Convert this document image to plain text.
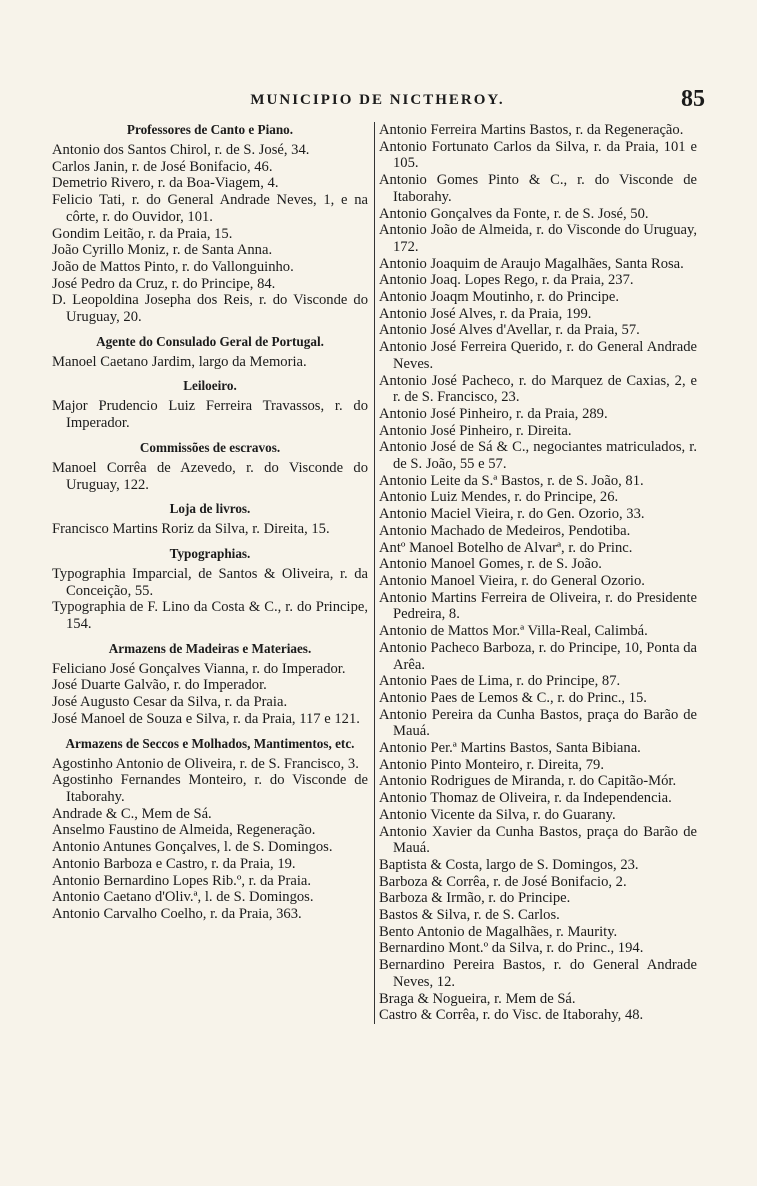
MUNICIPIO DE NICTHEROY.	85
Professores de Canto e Piano.
Antonio dos Santos Chirol, r. de S. José, 34.
Carlos Janin, r. de José Bonifacio, 46.
Demetrio Rivero, r. da Boa-Viagem, 4.
Felicio Tati, r. do General Andrade Neves, 1, e na côrte, r. do Ouvidor, 101.
Gondim Leitão, r. da Praia, 15.
João Cyrillo Moniz, r. de Santa Anna.
João de Mattos Pinto, r. do Vallonguinho.
José Pedro da Cruz, r. do Principe, 84.
D. Leopoldina Josepha dos Reis, r. do Visconde do Uruguay, 20.
Agente do Consulado Geral de Portugal.
Manoel Caetano Jardim, largo da Memoria.
Leiloeiro.
Major Prudencio Luiz Ferreira Travassos, r. do Imperador.
Commissões de escravos.
Manoel Corrêa de Azevedo, r. do Visconde do Uruguay, 122.
Loja de livros.
Francisco Martins Roriz da Silva, r. Direita, 15.
Typographias.
Typographia Imparcial, de Santos & Oliveira, r. da Conceição, 55.
Typographia de F. Lino da Costa & C., r. do Principe, 154.
Armazens de Madeiras e Materiaes.
Feliciano José Gonçalves Vianna, r. do Imperador.
José Duarte Galvão, r. do Imperador.
José Augusto Cesar da Silva, r. da Praia.
José Manoel de Souza e Silva, r. da Praia, 117 e 121.
Armazens de Seccos e Molhados, Mantimentos, etc.
Agostinho Antonio de Oliveira, r. de S. Francisco, 3.
Agostinho Fernandes Monteiro, r. do Visconde de Itaborahy.
Andrade & C., Mem de Sá.
Anselmo Faustino de Almeida, Regeneração.
Antonio Antunes Gonçalves, l. de S. Domingos.
Antonio Barboza e Castro, r. da Praia, 19.
Antonio Bernardino Lopes Rib.º, r. da Praia.
Antonio Caetano d'Oliv.ª, l. de S. Domingos.
Antonio Carvalho Coelho, r. da Praia, 363.
Antonio Ferreira Martins Bastos, r. da Regeneração.
Antonio Fortunato Carlos da Silva, r. da Praia, 101 e 105.
Antonio Gomes Pinto & C., r. do Visconde de Itaborahy.
Antonio Gonçalves da Fonte, r. de S. José, 50.
Antonio João de Almeida, r. do Visconde do Uruguay, 172.
Antonio Joaquim de Araujo Magalhães, Santa Rosa.
Antonio Joaq. Lopes Rego, r. da Praia, 237.
Antonio Joaqm Moutinho, r. do Principe.
Antonio José Alves, r. da Praia, 199.
Antonio José Alves d'Avellar, r. da Praia, 57.
Antonio José Ferreira Querido, r. do General Andrade Neves.
Antonio José Pacheco, r. do Marquez de Caxias, 2, e r. de S. Francisco, 23.
Antonio José Pinheiro, r. da Praia, 289.
Antonio José Pinheiro, r. Direita.
Antonio José de Sá & C., negociantes matriculados, r. de S. João, 55 e 57.
Antonio Leite da S.ª Bastos, r. de S. João, 81.
Antonio Luiz Mendes, r. do Principe, 26.
Antonio Maciel Vieira, r. do Gen. Ozorio, 33.
Antonio Machado de Medeiros, Pendotiba.
Antº Manoel Botelho de Alvarª, r. do Princ.
Antonio Manoel Gomes, r. de S. João.
Antonio Manoel Vieira, r. do General Ozorio.
Antonio Martins Ferreira de Oliveira, r. do Presidente Pedreira, 8.
Antonio de Mattos Mor.ª Villa-Real, Calimbá.
Antonio Pacheco Barboza, r. do Principe, 10, Ponta da Arêa.
Antonio Paes de Lima, r. do Principe, 87.
Antonio Paes de Lemos & C., r. do Princ., 15.
Antonio Pereira da Cunha Bastos, praça do Barão de Mauá.
Antonio Per.ª Martins Bastos, Santa Bibiana.
Antonio Pinto Monteiro, r. Direita, 79.
Antonio Rodrigues de Miranda, r. do Capitão-Mór.
Antonio Thomaz de Oliveira, r. da Independencia.
Antonio Vicente da Silva, r. do Guarany.
Antonio Xavier da Cunha Bastos, praça do Barão de Mauá.
Baptista & Costa, largo de S. Domingos, 23.
Barboza & Corrêa, r. de José Bonifacio, 2.
Barboza & Irmão, r. do Principe.
Bastos & Silva, r. de S. Carlos.
Bento Antonio de Magalhães, r. Maurity.
Bernardino Mont.º da Silva, r. do Princ., 194.
Bernardino Pereira Bastos, r. do General Andrade Neves, 12.
Braga & Nogueira, r. Mem de Sá.
Castro & Corrêa, r. do Visc. de Itaborahy, 48.
